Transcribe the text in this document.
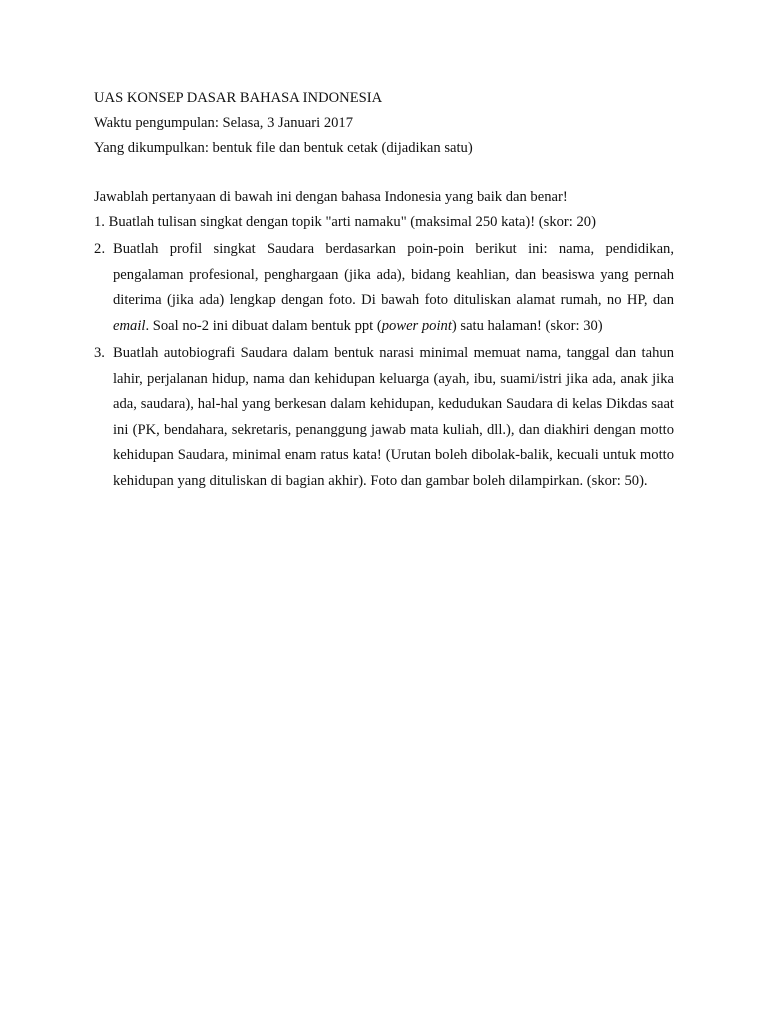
UAS KONSEP DASAR BAHASA INDONESIA

Waktu pengumpulan: Selasa, 3 Januari 2017

Yang dikumpulkan: bentuk file dan bentuk cetak (dijadikan satu)

Jawablah pertanyaan di bawah ini dengan bahasa Indonesia yang baik dan benar!

1. Buatlah tulisan singkat dengan topik "arti namaku" (maksimal 250 kata)! (skor: 20)
2. Buatlah profil singkat Saudara berdasarkan poin-poin berikut ini: nama, pendidikan, pengalaman profesional, penghargaan (jika ada), bidang keahlian, dan beasiswa yang pernah diterima (jika ada) lengkap dengan foto. Di bawah foto dituliskan alamat rumah, no HP, dan email. Soal no-2 ini dibuat dalam bentuk ppt (power point) satu halaman! (skor: 30)
3. Buatlah autobiografi Saudara dalam bentuk narasi minimal memuat nama, tanggal dan tahun lahir, perjalanan hidup, nama dan kehidupan keluarga (ayah, ibu, suami/istri jika ada, anak jika ada, saudara), hal-hal yang berkesan dalam kehidupan, kedudukan Saudara di kelas Dikdas saat ini (PK, bendahara, sekretaris, penanggung jawab mata kuliah, dll.), dan diakhiri dengan motto kehidupan Saudara, minimal enam ratus kata! (Urutan boleh dibolak-balik, kecuali untuk motto kehidupan yang dituliskan di bagian akhir). Foto dan gambar boleh dilampirkan. (skor: 50).
